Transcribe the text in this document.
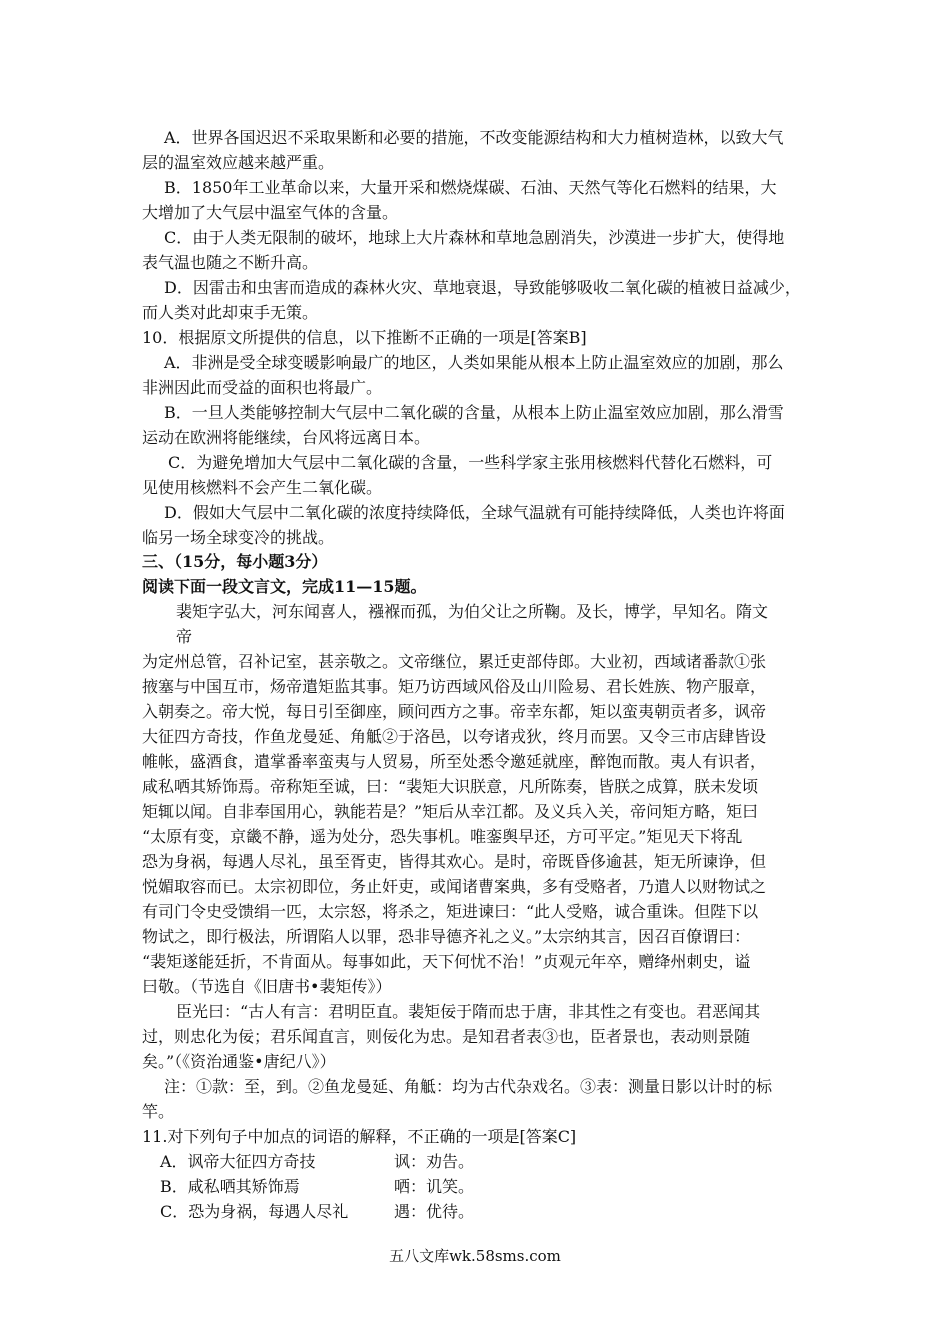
A．世界各国迟迟不采取果断和必要的措施，不改变能源结构和大力植树造林，以致大气
层的温室效应越来越严重。
B．1850年工业革命以来，大量开采和燃烧煤碳、石油、天然气等化石燃料的结果，大
大增加了大气层中温室气体的含量。
C．由于人类无限制的破坏，地球上大片森林和草地急剧消失，沙漠进一步扩大，使得地
表气温也随之不断升高。
D．因雷击和虫害而造成的森林火灾、草地衰退，导致能够吸收二氧化碳的植被日益减少，
而人类对此却束手无策。
10．根据原文所提供的信息，以下推断不正确的一项是[答案B]
A．非洲是受全球变暖影响最广的地区，人类如果能从根本上防止温室效应的加剧，那么
非洲因此而受益的面积也将最广。
B．一旦人类能够控制大气层中二氧化碳的含量，从根本上防止温室效应加剧，那么滑雪
运动在欧洲将能继续，台风将远离日本。
C．为避免增加大气层中二氧化碳的含量，一些科学家主张用核燃料代替化石燃料，可
见使用核燃料不会产生二氧化碳。
D．假如大气层中二氧化碳的浓度持续降低，全球气温就有可能持续降低，人类也许将面
临另一场全球变冷的挑战。
三、（15分，每小题3分）
阅读下面一段文言文，完成11—15题。
裴矩字弘大，河东闻喜人，襁褓而孤，为伯父让之所鞠。及长，博学，早知名。隋文
帝
为定州总管，召补记室，甚亲敬之。文帝继位，累迁吏部侍郎。大业初，西域诸番款①张
掖塞与中国互市，炀帝遣矩监其事。矩乃访西域风俗及山川险易、君长姓族、物产服章，
入朝奏之。帝大悦，每日引至御座，顾问西方之事。帝幸东都，矩以蛮夷朝贡者多，讽帝
大征四方奇技，作鱼龙曼延、角觝②于洛邑，以夸诸戎狄，终月而罢。又令三市店肆皆设
帷帐，盛酒食，遣掌番率蛮夷与人贸易，所至处悉令邀延就座，醉饱而散。夷人有识者，
咸私哂其矫饰焉。帝称矩至诚，曰：“裴矩大识朕意，凡所陈奏，皆朕之成算，朕未发顷
矩辄以闻。自非奉国用心，孰能若是？”矩后从幸江都。及义兵入关，帝问矩方略，矩曰
“太原有变，京畿不静，遥为处分，恐失事机。唯銮舆早还，方可平定。”矩见天下将乱
恐为身祸，每遇人尽礼，虽至胥吏，皆得其欢心。是时，帝既昏侈逾甚，矩无所谏诤，但
悦媚取容而已。太宗初即位，务止奸吏，或闻诸曹案典，多有受赂者，乃遣人以财物试之
有司门令史受馈绢一匹，太宗怒，将杀之，矩进谏曰：“此人受赂，诚合重诛。但陛下以
物试之，即行极法，所谓陷人以罪，恐非导德齐礼之义。”太宗纳其言，因召百僚谓曰：
“裴矩遂能廷折，不肯面从。每事如此，天下何忧不治！”贞观元年卒，赠绛州刺史，谥
曰敬。（节选自《旧唐书•裴矩传》）
臣光曰：“古人有言：君明臣直。裴矩佞于隋而忠于唐，非其性之有变也。君恶闻其
过，则忠化为佞；君乐闻直言，则佞化为忠。是知君者表③也，臣者景也，表动则景随
矣。”（《资治通鉴•唐纪八》）
注：①款：至，到。②鱼龙曼延、角觝：均为古代杂戏名。③表：测量日影以计时的标
竿。
11.对下列句子中加点的词语的解释，不正确的一项是[答案C]
A．讽帝大征四方奇技	讽：劝告。
B．咸私哂其矫饰焉	哂：讥笑。
C．恐为身祸，每遇人尽礼	遇：优待。
五八文库wk.58sms.com
